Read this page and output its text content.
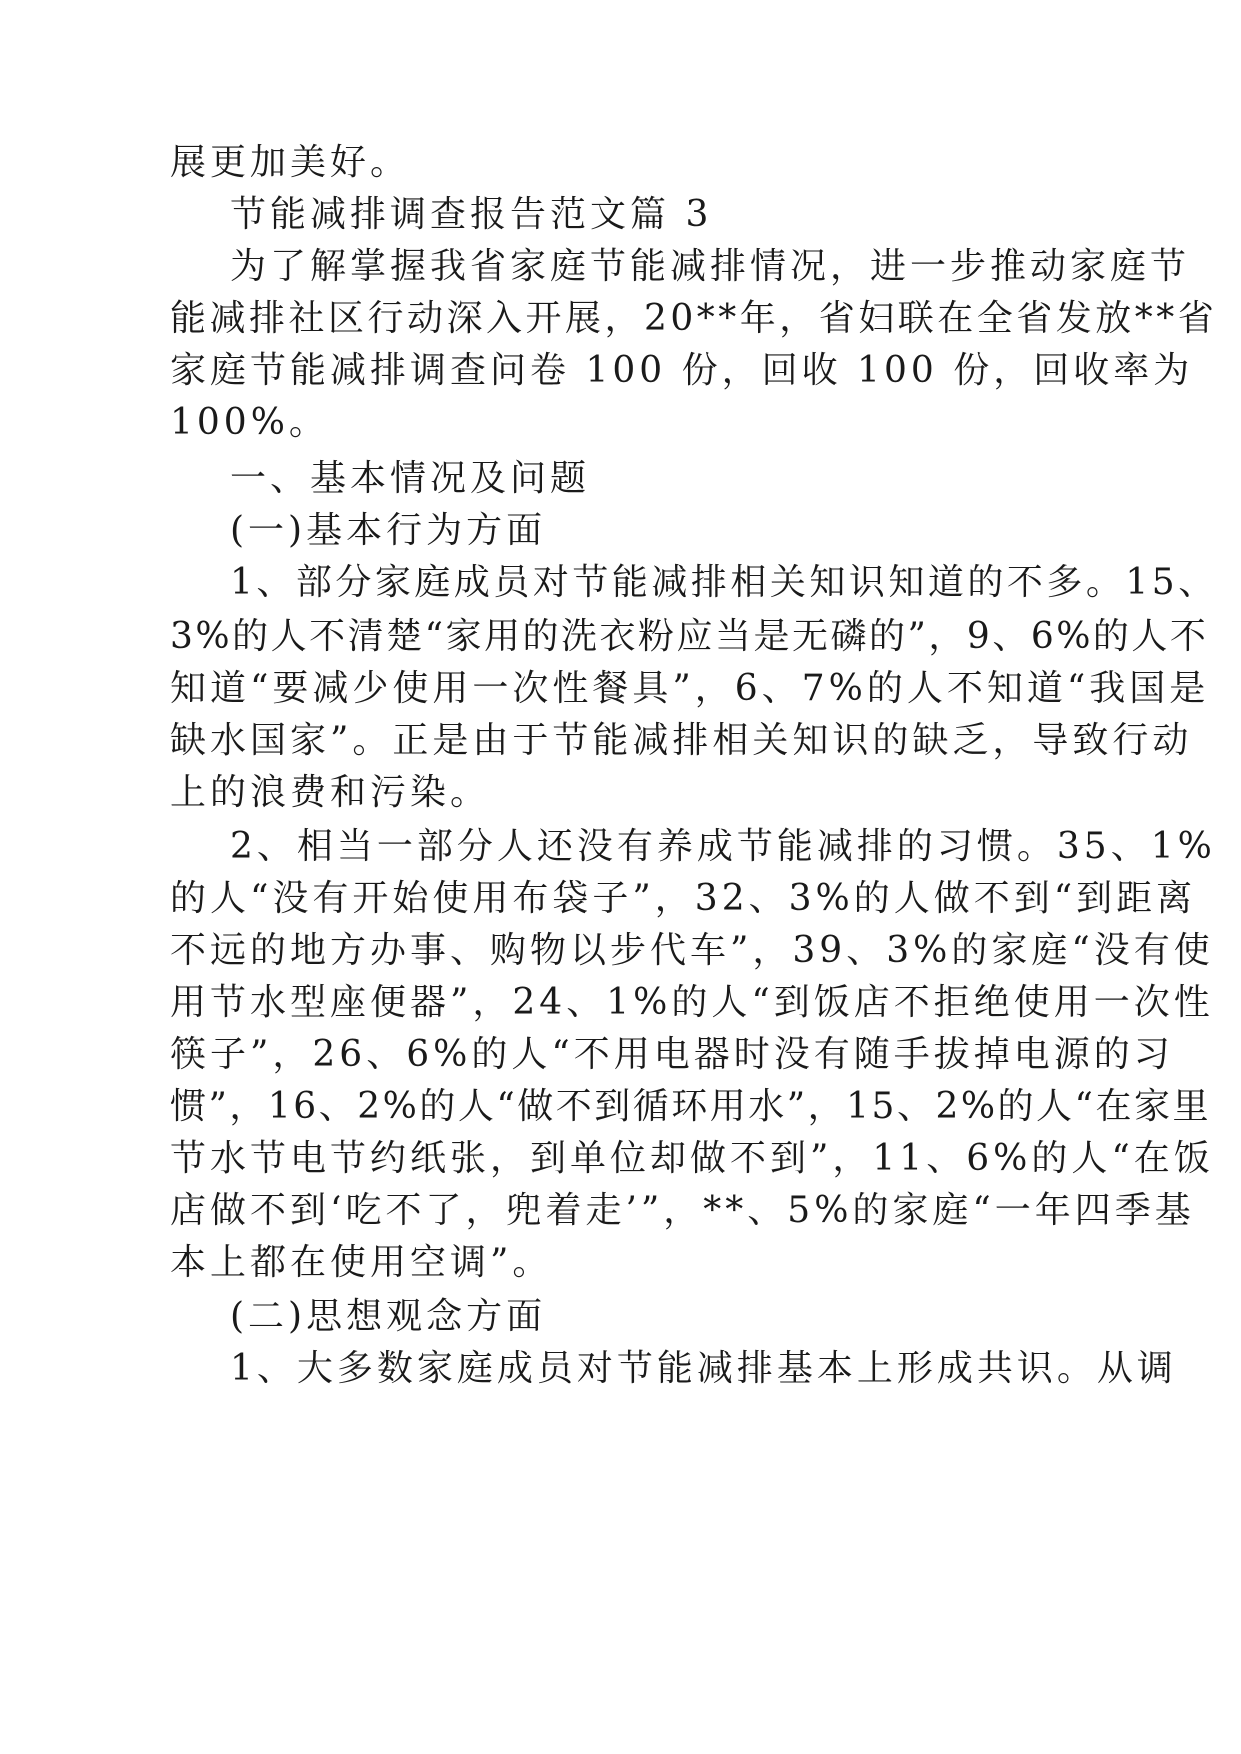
展更加美好。
节能减排调查报告范文篇 3
为了解掌握我省家庭节能减排情况，进一步推动家庭节
能减排社区行动深入开展，20**年，省妇联在全省发放**省
家庭节能减排调查问卷 100 份，回收 100 份，回收率为
100%。
一、基本情况及问题
(一)基本行为方面
1、部分家庭成员对节能减排相关知识知道的不多。15、
3%的人不清楚“家用的洗衣粉应当是无磷的”，9、6%的人不
知道“要减少使用一次性餐具”，6、7%的人不知道“我国是
缺水国家”。正是由于节能减排相关知识的缺乏，导致行动
上的浪费和污染。
2、相当一部分人还没有养成节能减排的习惯。35、1%
的人“没有开始使用布袋子”，32、3%的人做不到“到距离
不远的地方办事、购物以步代车”，39、3%的家庭“没有使
用节水型座便器”，24、1%的人“到饭店不拒绝使用一次性
筷子”，26、6%的人“不用电器时没有随手拔掉电源的习
惯”，16、2%的人“做不到循环用水”，15、2%的人“在家里
节水节电节约纸张，到单位却做不到”，11、6%的人“在饭
店做不到‘吃不了，兜着走’”，**、5%的家庭“一年四季基
本上都在使用空调”。
(二)思想观念方面
1、大多数家庭成员对节能减排基本上形成共识。从调
